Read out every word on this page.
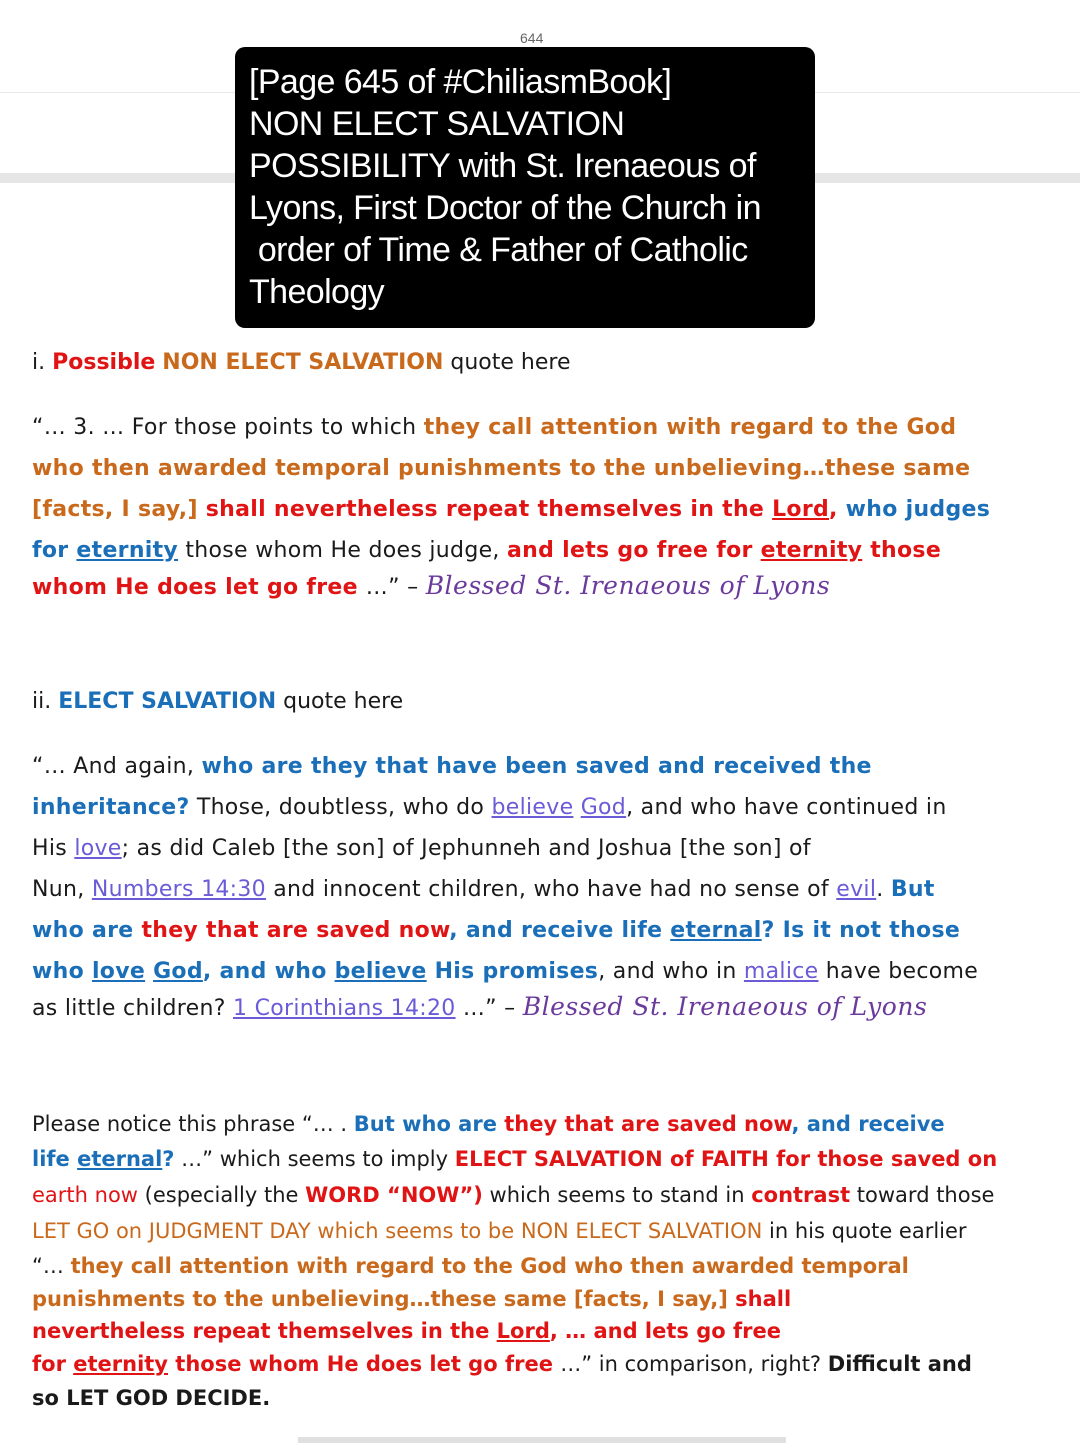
644
[Page 645 of #ChiliasmBook]
NON ELECT SALVATION
POSSIBILITY with St. Irenaeous of
Lyons, First Doctor of the Church in
order of Time & Father of Catholic
Theology
i. Possible NON ELECT SALVATION quote here
“… 3. … For those points to which they call attention with regard to the God
who then awarded temporal punishments to the unbelieving…these same
[facts, I say,] shall nevertheless repeat themselves in the Lord, who judges
for eternity those whom He does judge, and lets go free for eternity those
whom He does let go free …” – Blessed St. Irenaeous of Lyons
ii. ELECT SALVATION quote here
“… And again, who are they that have been saved and received the
inheritance? Those, doubtless, who do believe God, and who have continued in
His love; as did Caleb [the son] of Jephunneh and Joshua [the son] of
Nun, Numbers 14:30 and innocent children, who have had no sense of evil. But
who are they that are saved now, and receive life eternal? Is it not those
who love God, and who believe His promises, and who in malice have become
as little children? 1 Corinthians 14:20 …” – Blessed St. Irenaeous of Lyons
Please notice this phrase “… . But who are they that are saved now, and receive
life eternal? …” which seems to imply ELECT SALVATION of FAITH for those saved on
earth now (especially the WORD “NOW”) which seems to stand in contrast toward those
LET GO on JUDGMENT DAY which seems to be NON ELECT SALVATION in his quote earlier
“… they call attention with regard to the God who then awarded temporal
punishments to the unbelieving…these same [facts, I say,] shall
nevertheless repeat themselves in the Lord, … and lets go free
for eternity those whom He does let go free …” in comparison, right? Difficult and
so LET GOD DECIDE.
